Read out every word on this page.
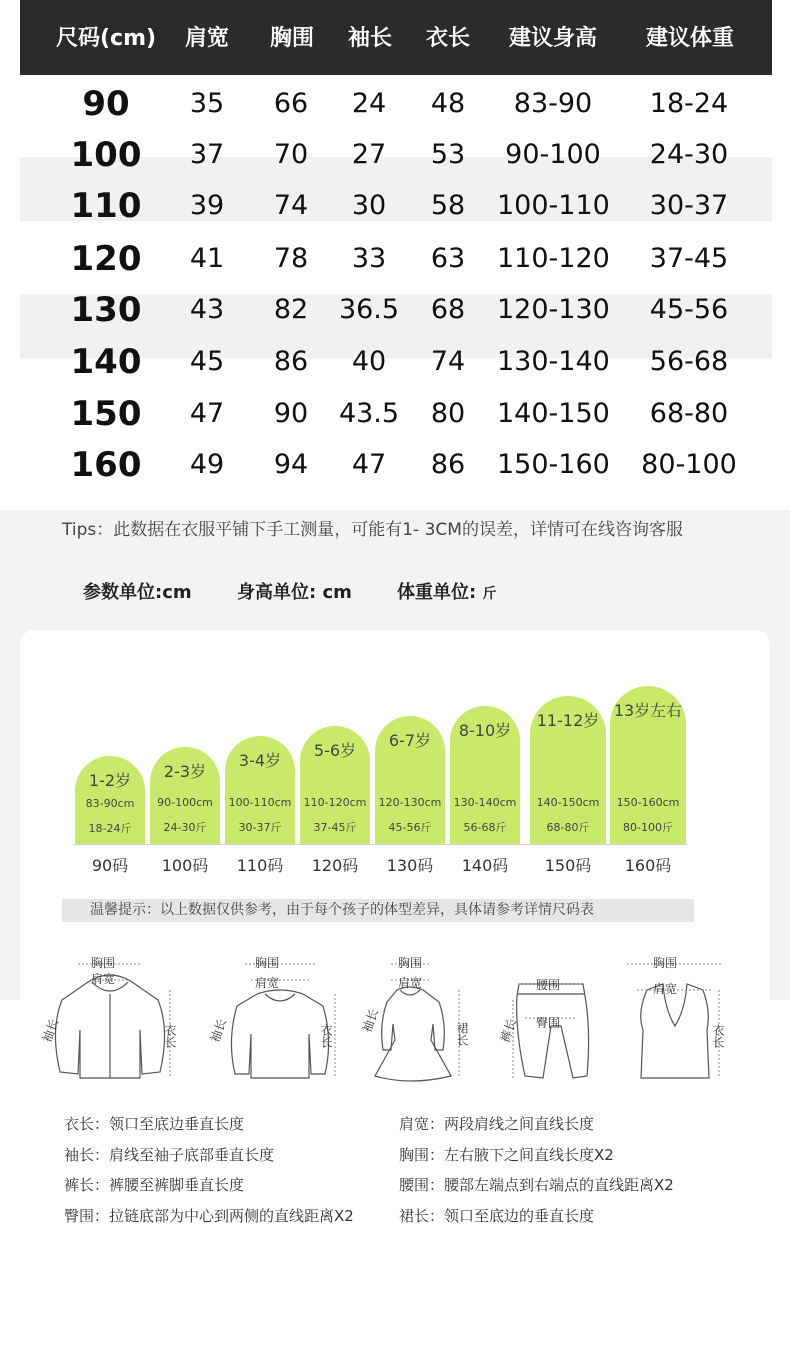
尺码(cm)	肩宽	胸围	袖长	衣长	建议身高	建议体重
90	35	66	24	48	83-90	18-24
100	37	70	27	53	90-100	24-30
110	39	74	30	58	100-110	30-37
120	41	78	33	63	110-120	37-45
130	43	82	36.5	68	120-130	45-56
140	45	86	40	74	130-140	56-68
150	47	90	43.5	80	140-150	68-80
160	49	94	47	86	150-160	80-100
Tips：此数据在衣服平铺下手工测量，可能有1- 3CM的误差，详情可在线咨询客服
参数单位:cm	身高单位: cm	体重单位: 斤
1-2岁
83-90cm
18-24斤
90码
2-3岁
90-100cm
24-30斤
100码
3-4岁
100-110cm
30-37斤
110码
5-6岁
110-120cm
37-45斤
120码
6-7岁
120-130cm
45-56斤
130码
8-10岁
130-140cm
56-68斤
140码
11-12岁
140-150cm
68-80斤
150码
13岁左右
150-160cm
80-100斤
160码
温馨提示：以上数据仅供参考，由于每个孩子的体型差异，具体请参考详情尺码表
胸围
肩宽
袖长	衣长
胸围
肩宽
袖长	衣长
胸围
肩宽
袖长	裙长
腰围
臀围
裤长
胸围
肩宽
衣长
衣长：领口至底边垂直长度
袖长：肩线至袖子底部垂直长度
裤长：裤腰至裤脚垂直长度
臀围：拉链底部为中心到两侧的直线距离X2
肩宽：两段肩线之间直线长度
胸围：左右腋下之间直线长度X2
腰围：腰部左端点到右端点的直线距离X2
裙长：领口至底边的垂直长度
